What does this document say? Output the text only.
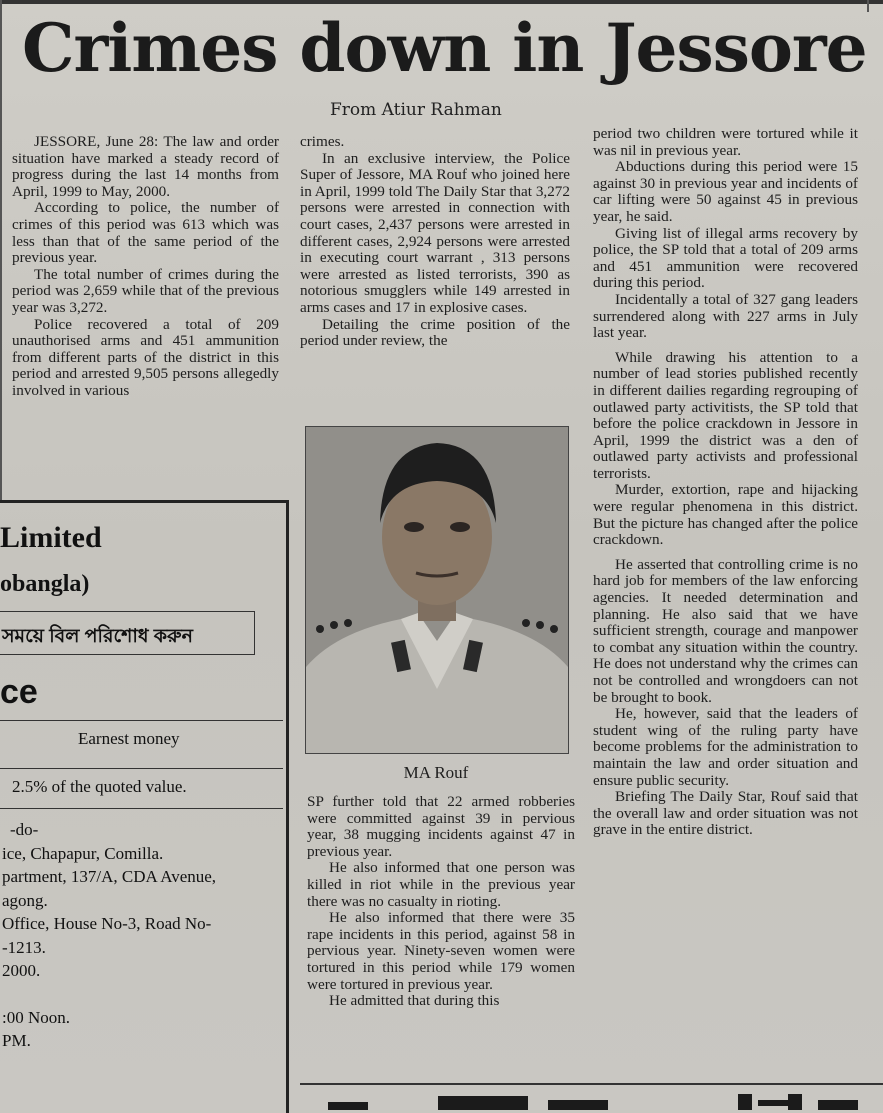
Crimes down in Jessore
From Atiur Rahman

JESSORE, June 28: The law and order situation have marked a steady record of progress during the last 14 months from April, 1999 to May, 2000.

According to police, the number of crimes of this period was 613 which was less than that of the same period of the previous year.

The total number of crimes during the period was 2,659 while that of the previous year was 3,272.

Police recovered a total of 209 unauthorised arms and 451 ammunition from different parts of the district in this period and arrested 9,505 persons allegedly involved in various

crimes.

In an exclusive interview, the Police Super of Jessore, MA Rouf who joined here in April, 1999 told The Daily Star that 3,272 persons were arrested in connection with court cases, 2,437 persons were arrested in different cases, 2,924 persons were arrested in executing court warrant , 313 persons were arrested as listed terrorists, 390 as notorious smugglers while 149 arrested in arms cases and 17 in explosive cases.

Detailing the crime position of the period under review, the

MA Rouf

SP further told that 22 armed robberies were committed against 39 in pervious year, 38 mugging incidents against 47 in previous year.

He also informed that one person was killed in riot while in the previous year there was no casualty in rioting.

He also informed that there were 35 rape incidents in this period, against 58 in pervious year. Ninety-seven women were tortured in this period while 179 women were tortured in previous year.

He admitted that during this

period two children were tortured while it was nil in previous year.

Abductions during this period were 15 against 30 in previous year and incidents of car lifting were 50 against 45 in previous year, he said.

Giving list of illegal arms recovery by police, the SP told that a total of 209 arms and 451 ammunition were recovered during this period.

Incidentally a total of 327 gang leaders surrendered along with 227 arms in July last year.

While drawing his attention to a number of lead stories published recently in different dailies regarding regrouping of outlawed party activitists, the SP told that before the police crackdown in Jessore in April, 1999 the district was a den of outlawed party activists and professional terrorists.

Murder, extortion, rape and hijacking were regular phenomena in this district. But the picture has changed after the police crackdown.

He asserted that controlling crime is no hard job for members of the law enforcing agencies. It needed determination and planning. He also said that we have sufficient strength, courage and manpower to combat any situation within the country. He does not understand why the crimes can not be controlled and wrongdoers can not be brought to book.

He, however, said that the leaders of student wing of the ruling party have become problems for the administration to maintain the law and order situation and ensure public security.

Briefing The Daily Star, Rouf said that the overall law and order situation was not grave in the entire district.

Limited
obangla)
সময়ে বিল পরিশোধ করুন
ce
Earnest money
2.5% of the quoted value.
-do-
ice, Chapapur, Comilla.
partment, 137/A, CDA Avenue,
agong.
Office, House No-3, Road No-
-1213.
2000.
:00 Noon.
PM.
